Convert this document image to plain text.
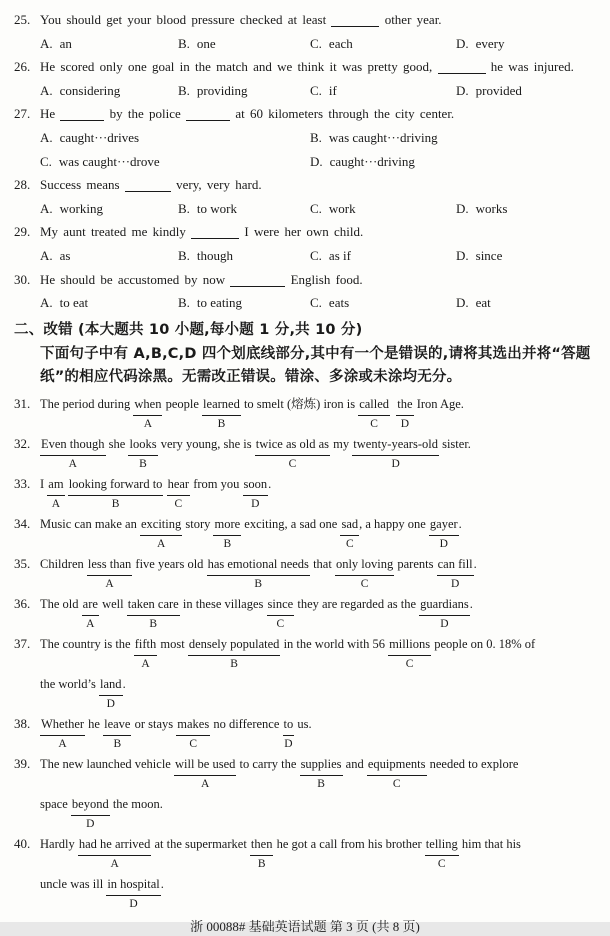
25. You should get your blood pressure checked at least	other year.
A. an	B. one	C. each	D. every
26. He scored only one goal in the match and we think it was pretty good,	he was injured.
A. considering	B. providing	C. if	D. provided
27. He	by the police	at 60 kilometers through the city center.
A. caught···drives	B. was caught···driving
C. was caught···drove	D. caught···driving
28. Success means	very, very hard.
A. working	B. to work	C. work	D. works
29. My aunt treated me kindly	I were her own child.
A. as	B. though	C. as if	D. since
30. He should be accustomed by now	English food.
A. to eat	B. to eating	C. eats	D. eat
二、改错 (本大题共 10 小题,每小题 1 分,共 10 分)
下面句子中有 A,B,C,D 四个划底线部分,其中有一个是错误的,请将其选出并将“答题
纸”的相应代码涂黑。无需改正错误。错涂、多涂或未涂均无分。
31. The period during when
A
people learned
B
to smelt (熔炼) iron is called
C
the
D
Iron Age.
32. Even though
A
she looks
B
very young, she is twice as old as
C
my twenty-years-old
D
sister.
33. I am
A
looking forward to
B
hear
C
from you soon
D
.
34. Music can make an exciting
A
story more
B
exciting, a sad one sad
C
, a happy one gayer
D
.
35. Children less than
A
five years old has emotional needs
B
that only loving
C
parents can fill
D
.
36. The old are
A
well taken care
B
in these villages since
C
they are regarded as the guardians
D
.
37. The country is the fifth
A
most densely populated
B
in the world with 56 millions
C
people on 0. 18% of
the world’s land
D
.
38. Whether
A
he leave
B
or stays makes
C
no difference to
D
us.
39. The new launched vehicle will be used
A
to carry the supplies
B
and equipments
C
needed to explore
space beyond
D
the moon.
40. Hardly had he arrived
A
at the supermarket then
B
he got a call from his brother telling
C
him that his
uncle was ill in hospital
D
.
浙 00088# 基础英语试题 第 3 页 (共 8 页)
